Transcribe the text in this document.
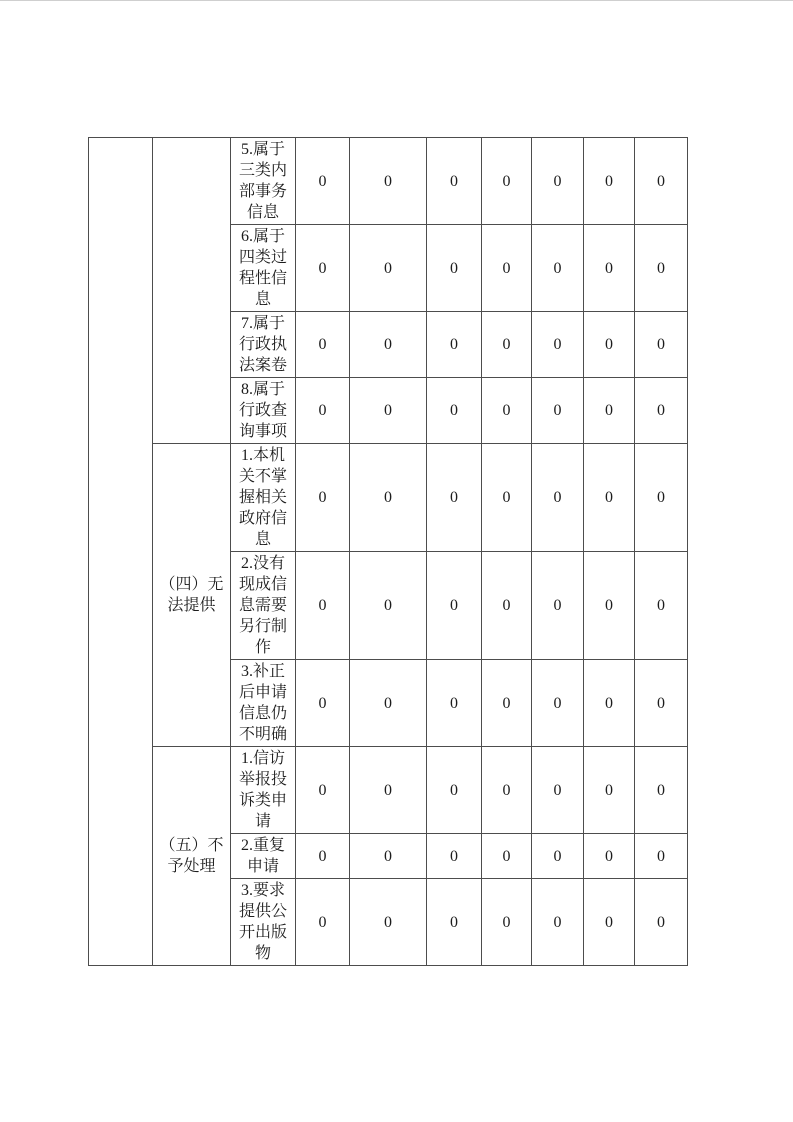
		5.属于三类内部事务信息	0	0	0	0	0	0	0
		6.属于四类过程性信息	0	0	0	0	0	0	0
		7.属于行政执法案卷	0	0	0	0	0	0	0
		8.属于行政查询事项	0	0	0	0	0	0	0
	（四）无法提供	1.本机关不掌握相关政府信息	0	0	0	0	0	0	0
		2.没有现成信息需要另行制作	0	0	0	0	0	0	0
		3.补正后申请信息仍不明确	0	0	0	0	0	0	0
	（五）不予处理	1.信访举报投诉类申请	0	0	0	0	0	0	0
		2.重复申请	0	0	0	0	0	0	0
		3.要求提供公开出版物	0	0	0	0	0	0	0
